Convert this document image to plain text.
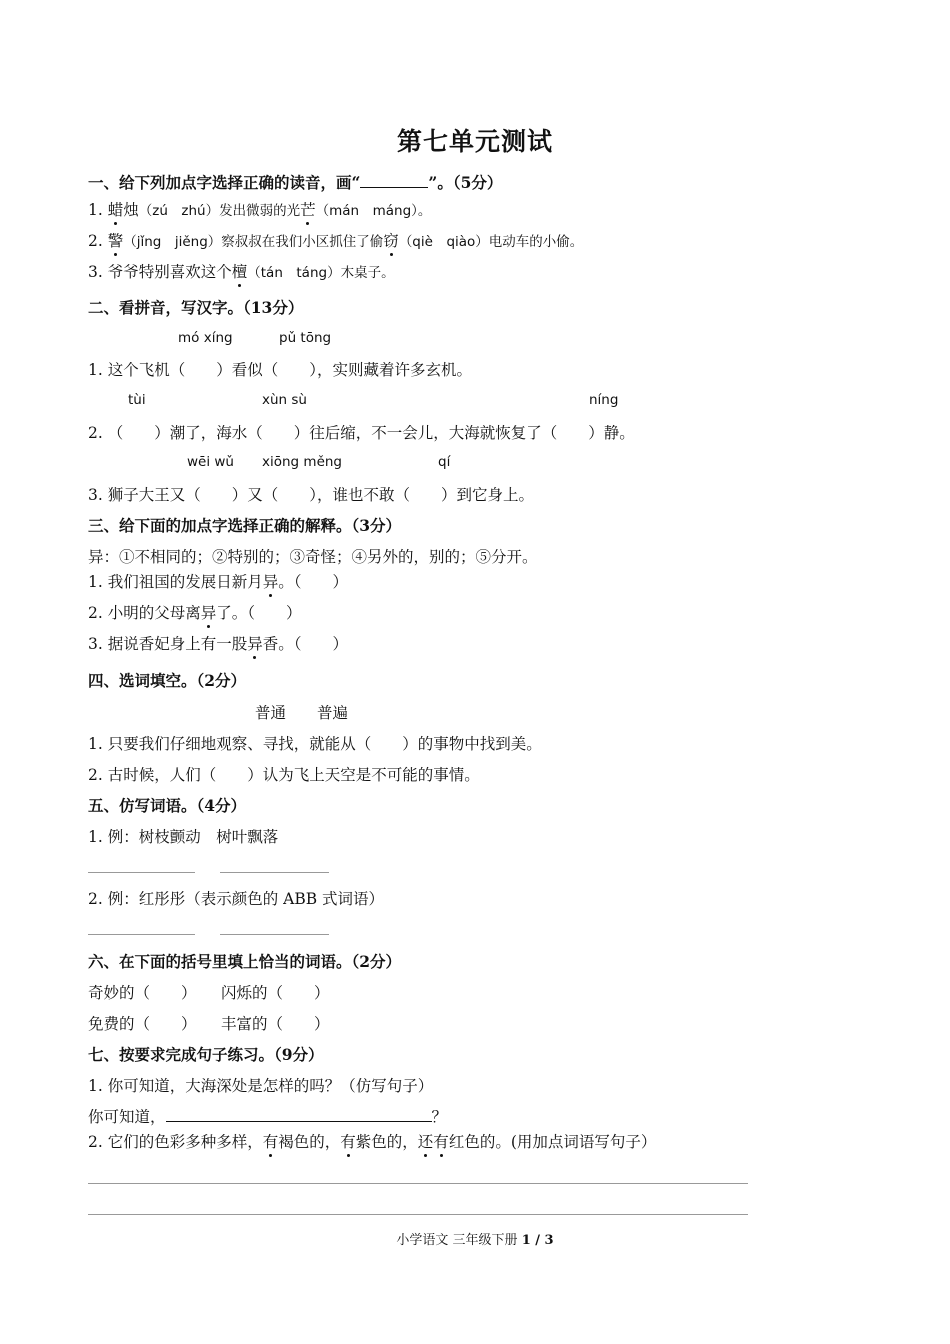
第七单元测试
一、给下列加点字选择正确的读音，画“	”。（5分）
1. 蜡烛（zú　zhú）发出微弱的光芒（mán　máng）。
2. 警（jǐng　jiěng）察叔叔在我们小区抓住了偷窃（qiè　qiào）电动车的小偷。
3. 爷爷特别喜欢这个檀（tán　táng）木桌子。
二、看拼音，写汉字。（13分）
mó xíng	pǔ tōng
1. 这个飞机（　　）看似（　　），实则藏着许多玄机。
tùi	xùn sù	níng
2. （　　）潮了，海水（　　）往后缩，不一会儿，大海就恢复了（　　）静。
wēi wǔ xiōng měng	qí
3. 狮子大王又（　　）又（　　），谁也不敢（　　）到它身上。
三、给下面的加点字选择正确的解释。（3分）
异：①不相同的；②特别的；③奇怪；④另外的，别的；⑤分开。
1. 我们祖国的发展日新月异。（　　）
2. 小明的父母离异了。（　　）
3. 据说香妃身上有一股异香。（　　）
四、选词填空。（2分）
普通　　普遍
1. 只要我们仔细地观察、寻找，就能从（　　）的事物中找到美。
2. 古时候，人们（　　）认为飞上天空是不可能的事情。
五、仿写词语。（4分）
1. 例：树枝颤动　树叶飘落
2. 例：红彤彤（表示颜色的 ABB 式词语）
六、在下面的括号里填上恰当的词语。（2分）
奇妙的（　　） 闪烁的（　　）
免费的（　　） 丰富的（　　）
七、按要求完成句子练习。（9分）
1. 你可知道，大海深处是怎样的吗？（仿写句子）
你可知道，	？
2. 它们的色彩多种多样，有褐色的，有紫色的，还有红色的。(用加点词语写句子）
小学语文 三年级下册 1 / 3
